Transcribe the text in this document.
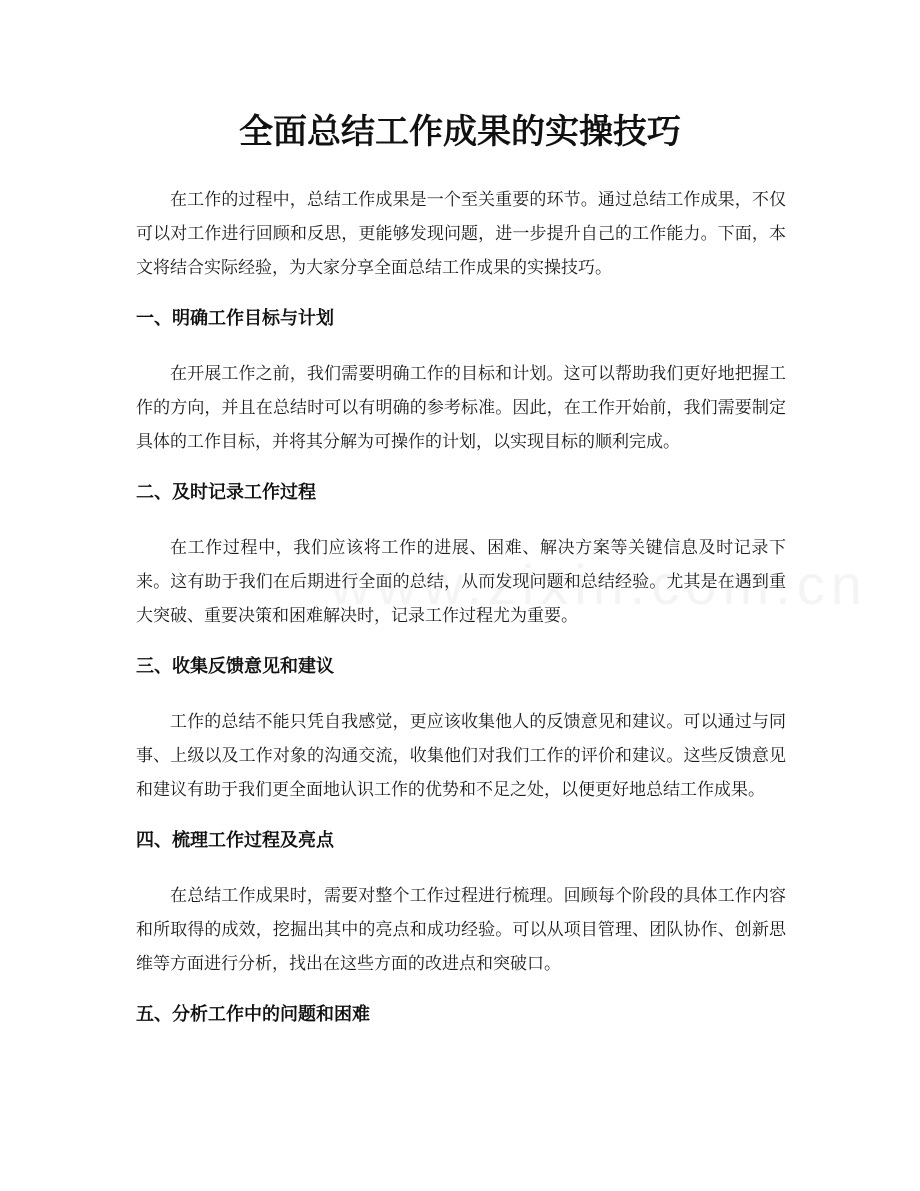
全面总结工作成果的实操技巧

在工作的过程中，总结工作成果是一个至关重要的环节。通过总结工作成果，不仅可以对工作进行回顾和反思，更能够发现问题，进一步提升自己的工作能力。下面，本文将结合实际经验，为大家分享全面总结工作成果的实操技巧。

一、明确工作目标与计划

在开展工作之前，我们需要明确工作的目标和计划。这可以帮助我们更好地把握工作的方向，并且在总结时可以有明确的参考标准。因此，在工作开始前，我们需要制定具体的工作目标，并将其分解为可操作的计划，以实现目标的顺利完成。

二、及时记录工作过程

在工作过程中，我们应该将工作的进展、困难、解决方案等关键信息及时记录下来。这有助于我们在后期进行全面的总结，从而发现问题和总结经验。尤其是在遇到重大突破、重要决策和困难解决时，记录工作过程尤为重要。

三、收集反馈意见和建议

工作的总结不能只凭自我感觉，更应该收集他人的反馈意见和建议。可以通过与同事、上级以及工作对象的沟通交流，收集他们对我们工作的评价和建议。这些反馈意见和建议有助于我们更全面地认识工作的优势和不足之处，以便更好地总结工作成果。

四、梳理工作过程及亮点

在总结工作成果时，需要对整个工作过程进行梳理。回顾每个阶段的具体工作内容和所取得的成效，挖掘出其中的亮点和成功经验。可以从项目管理、团队协作、创新思维等方面进行分析，找出在这些方面的改进点和突破口。

五、分析工作中的问题和困难
